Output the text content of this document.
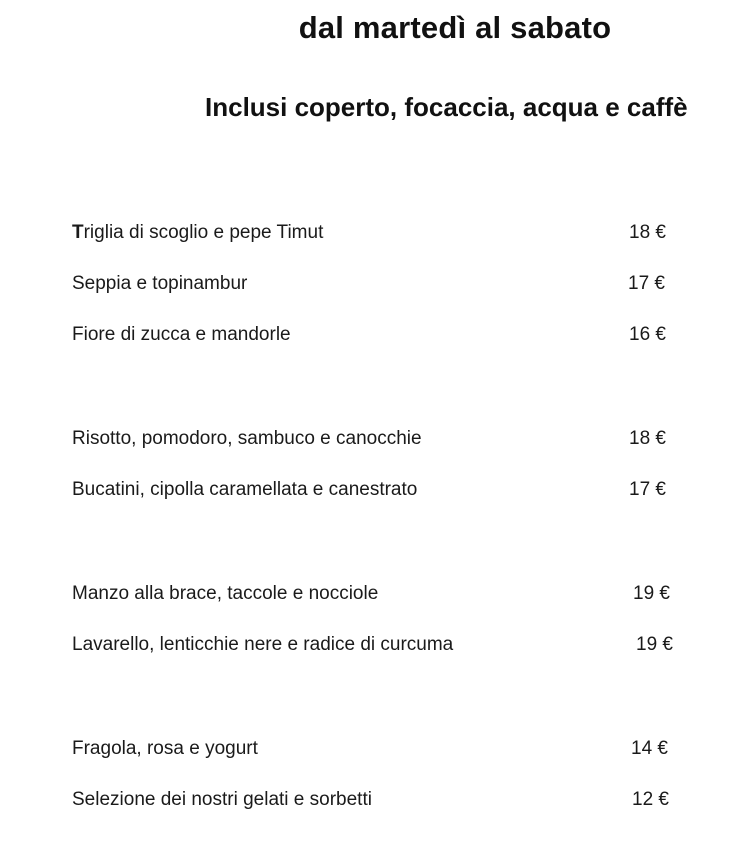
dal martedì al sabato
Inclusi coperto, focaccia, acqua e caffè
Triglia di scoglio e pepe Timut	18 €
Seppia e topinambur	17 €
Fiore di zucca e mandorle	16 €
Risotto, pomodoro, sambuco e canocchie	18 €
Bucatini, cipolla caramellata e canestrato	17 €
Manzo alla brace, taccole e nocciole	19 €
Lavarello, lenticchie nere e radice di curcuma	19 €
Fragola, rosa e yogurt	14 €
Selezione dei nostri gelati e sorbetti	12 €
